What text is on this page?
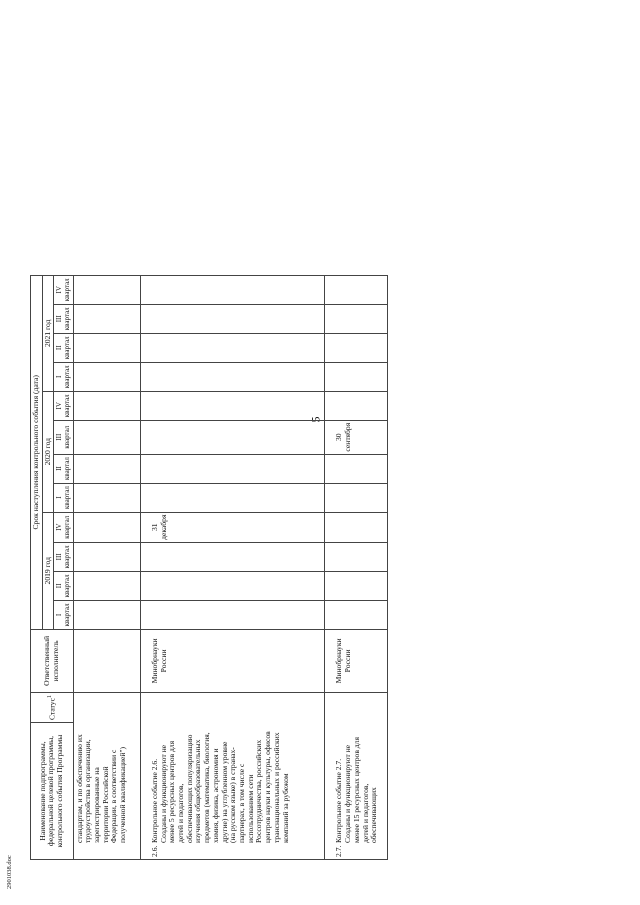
5
Наименование подпрограммы, федеральной целевой программы, контрольного события Программы	Статус$^1$	Ответственный исполнитель	Срок наступления контрольного события (дата)											
			2019 год				2020 год				2021 год			
			I квартал	II квартал	III квартал	IV квартал	I квартал	II квартал	III квартал	IV квартал	I квартал	II квартал	III квартал	IV квартал
стандартам, и по обеспечению их трудоустройства в организации, зарегистрированные на территории Российской Федерации, в соответствии с полученной квалификацией")														
2.6.Контрольное событие 2.6. Созданы и функционируют не менее 5 ресурсных центров для детей и педагогов, обеспечивающих популяризацию изучения общеобразовательных предметов (математика, биология, химия, физика, астрономия и другие) на углубленном уровне (на русском языке) в странах-партнерах, в том числе с использованием сети Россотрудничества, российских центров науки и культуры, офисов транснациональных и российских компаний за рубежом		Минобрнауки России				31 декабря								
2.7.Контрольное событие 2.7. Созданы и функционируют не менее 15 ресурсных центров для детей и педагогов, обеспечивающих		Минобрнауки России							30 сентября					
2901038.doc
